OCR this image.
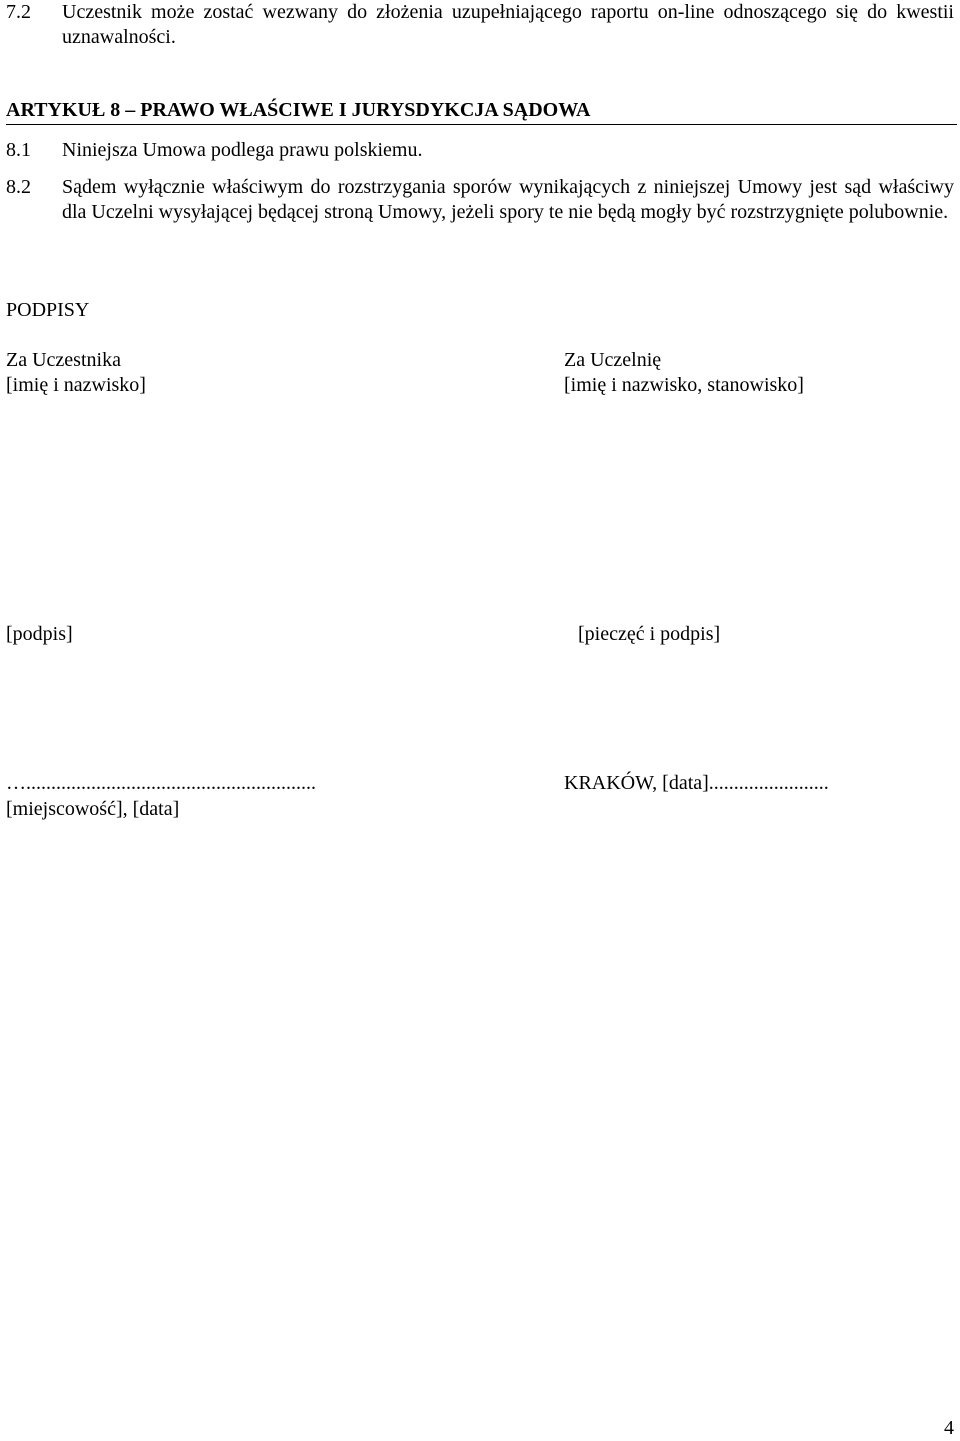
7.2 Uczestnik może zostać wezwany do złożenia uzupełniającego raportu on-line odnoszącego się do kwestii uznawalności.
ARTYKUŁ 8 – PRAWO WŁAŚCIWE I JURYSDYKCJA SĄDOWA
8.1 Niniejsza Umowa podlega prawu polskiemu.
8.2 Sądem wyłącznie właściwym do rozstrzygania sporów wynikających z niniejszej Umowy jest sąd właściwy dla Uczelni wysyłającej będącej stroną Umowy, jeżeli spory te nie będą mogły być rozstrzygnięte polubownie.
PODPISY
Za Uczestnika
[imię i nazwisko]
Za Uczelnię
[imię i nazwisko, stanowisko]
[podpis]	[pieczęć i podpis]
…..........................................................
[miejscowość], [data]
KRAKÓW, [data]........................
4
